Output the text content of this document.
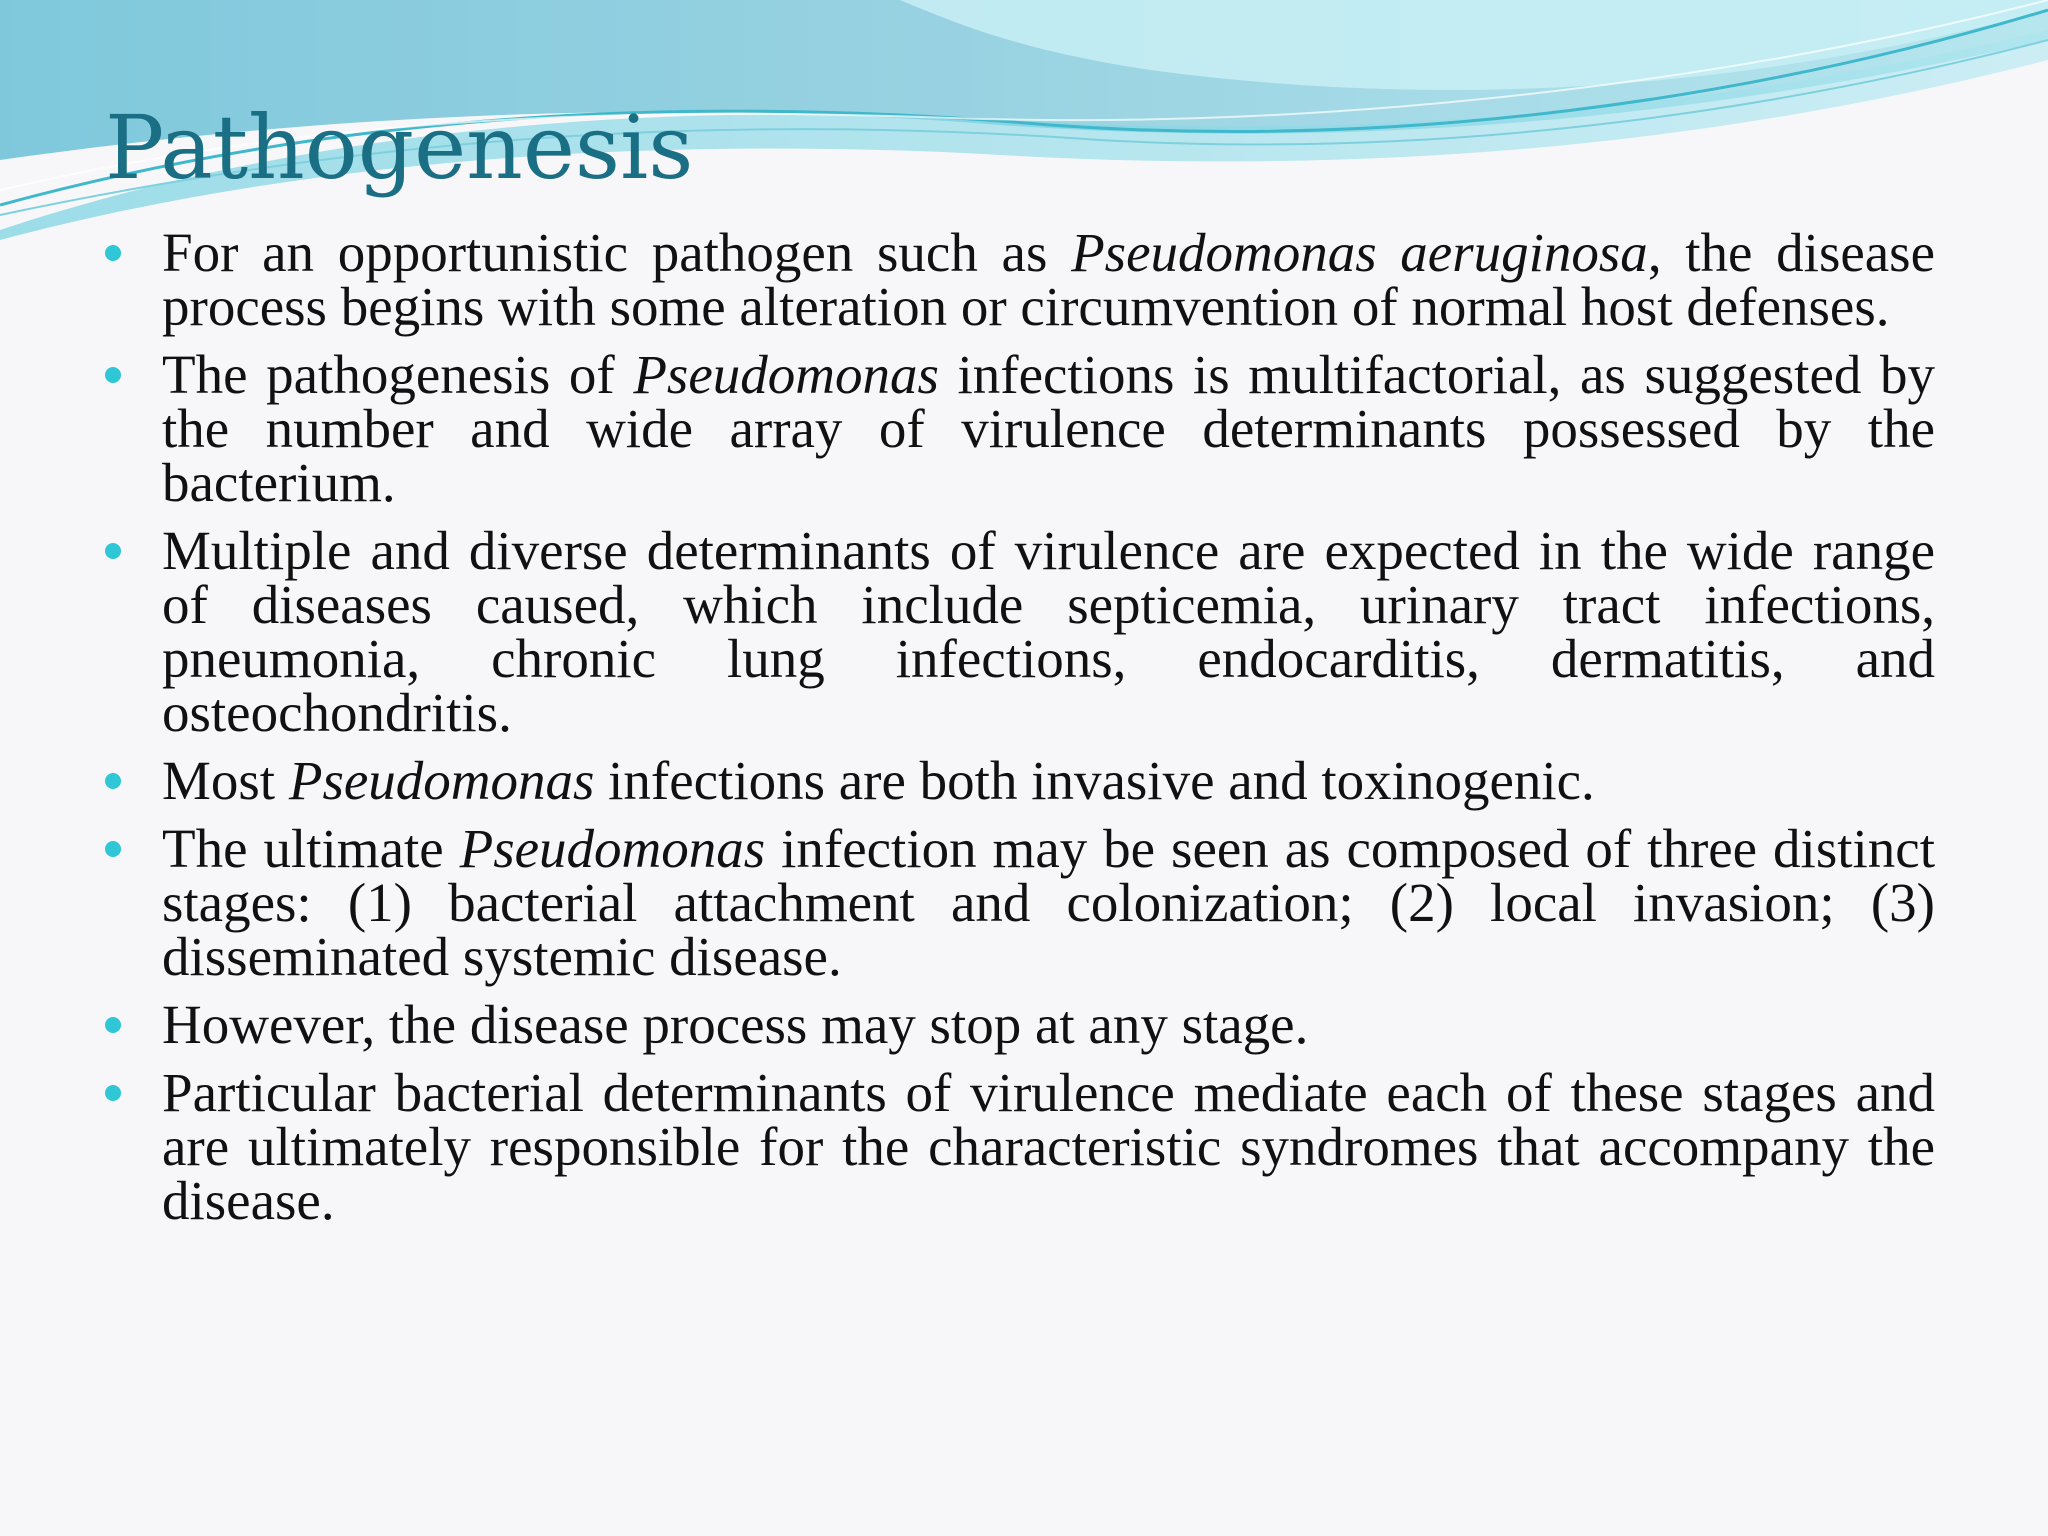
Pathogenesis
For an opportunistic pathogen such as Pseudomonas aeruginosa, the disease process begins with some alteration or circumvention of normal host defenses.
The pathogenesis of Pseudomonas infections is multifactorial, as suggested by the number and wide array of virulence determinants possessed by the bacterium.
Multiple and diverse determinants of virulence are expected in the wide range of diseases caused, which include septicemia, urinary tract infections, pneumonia, chronic lung infections, endocarditis, dermatitis, and osteochondritis.
Most Pseudomonas infections are both invasive and toxinogenic.
The ultimate Pseudomonas infection may be seen as composed of three distinct stages: (1) bacterial attachment and colonization; (2) local invasion; (3) disseminated systemic disease.
However, the disease process may stop at any stage.
Particular bacterial determinants of virulence mediate each of these stages and are ultimately responsible for the characteristic syndromes that accompany the disease.
